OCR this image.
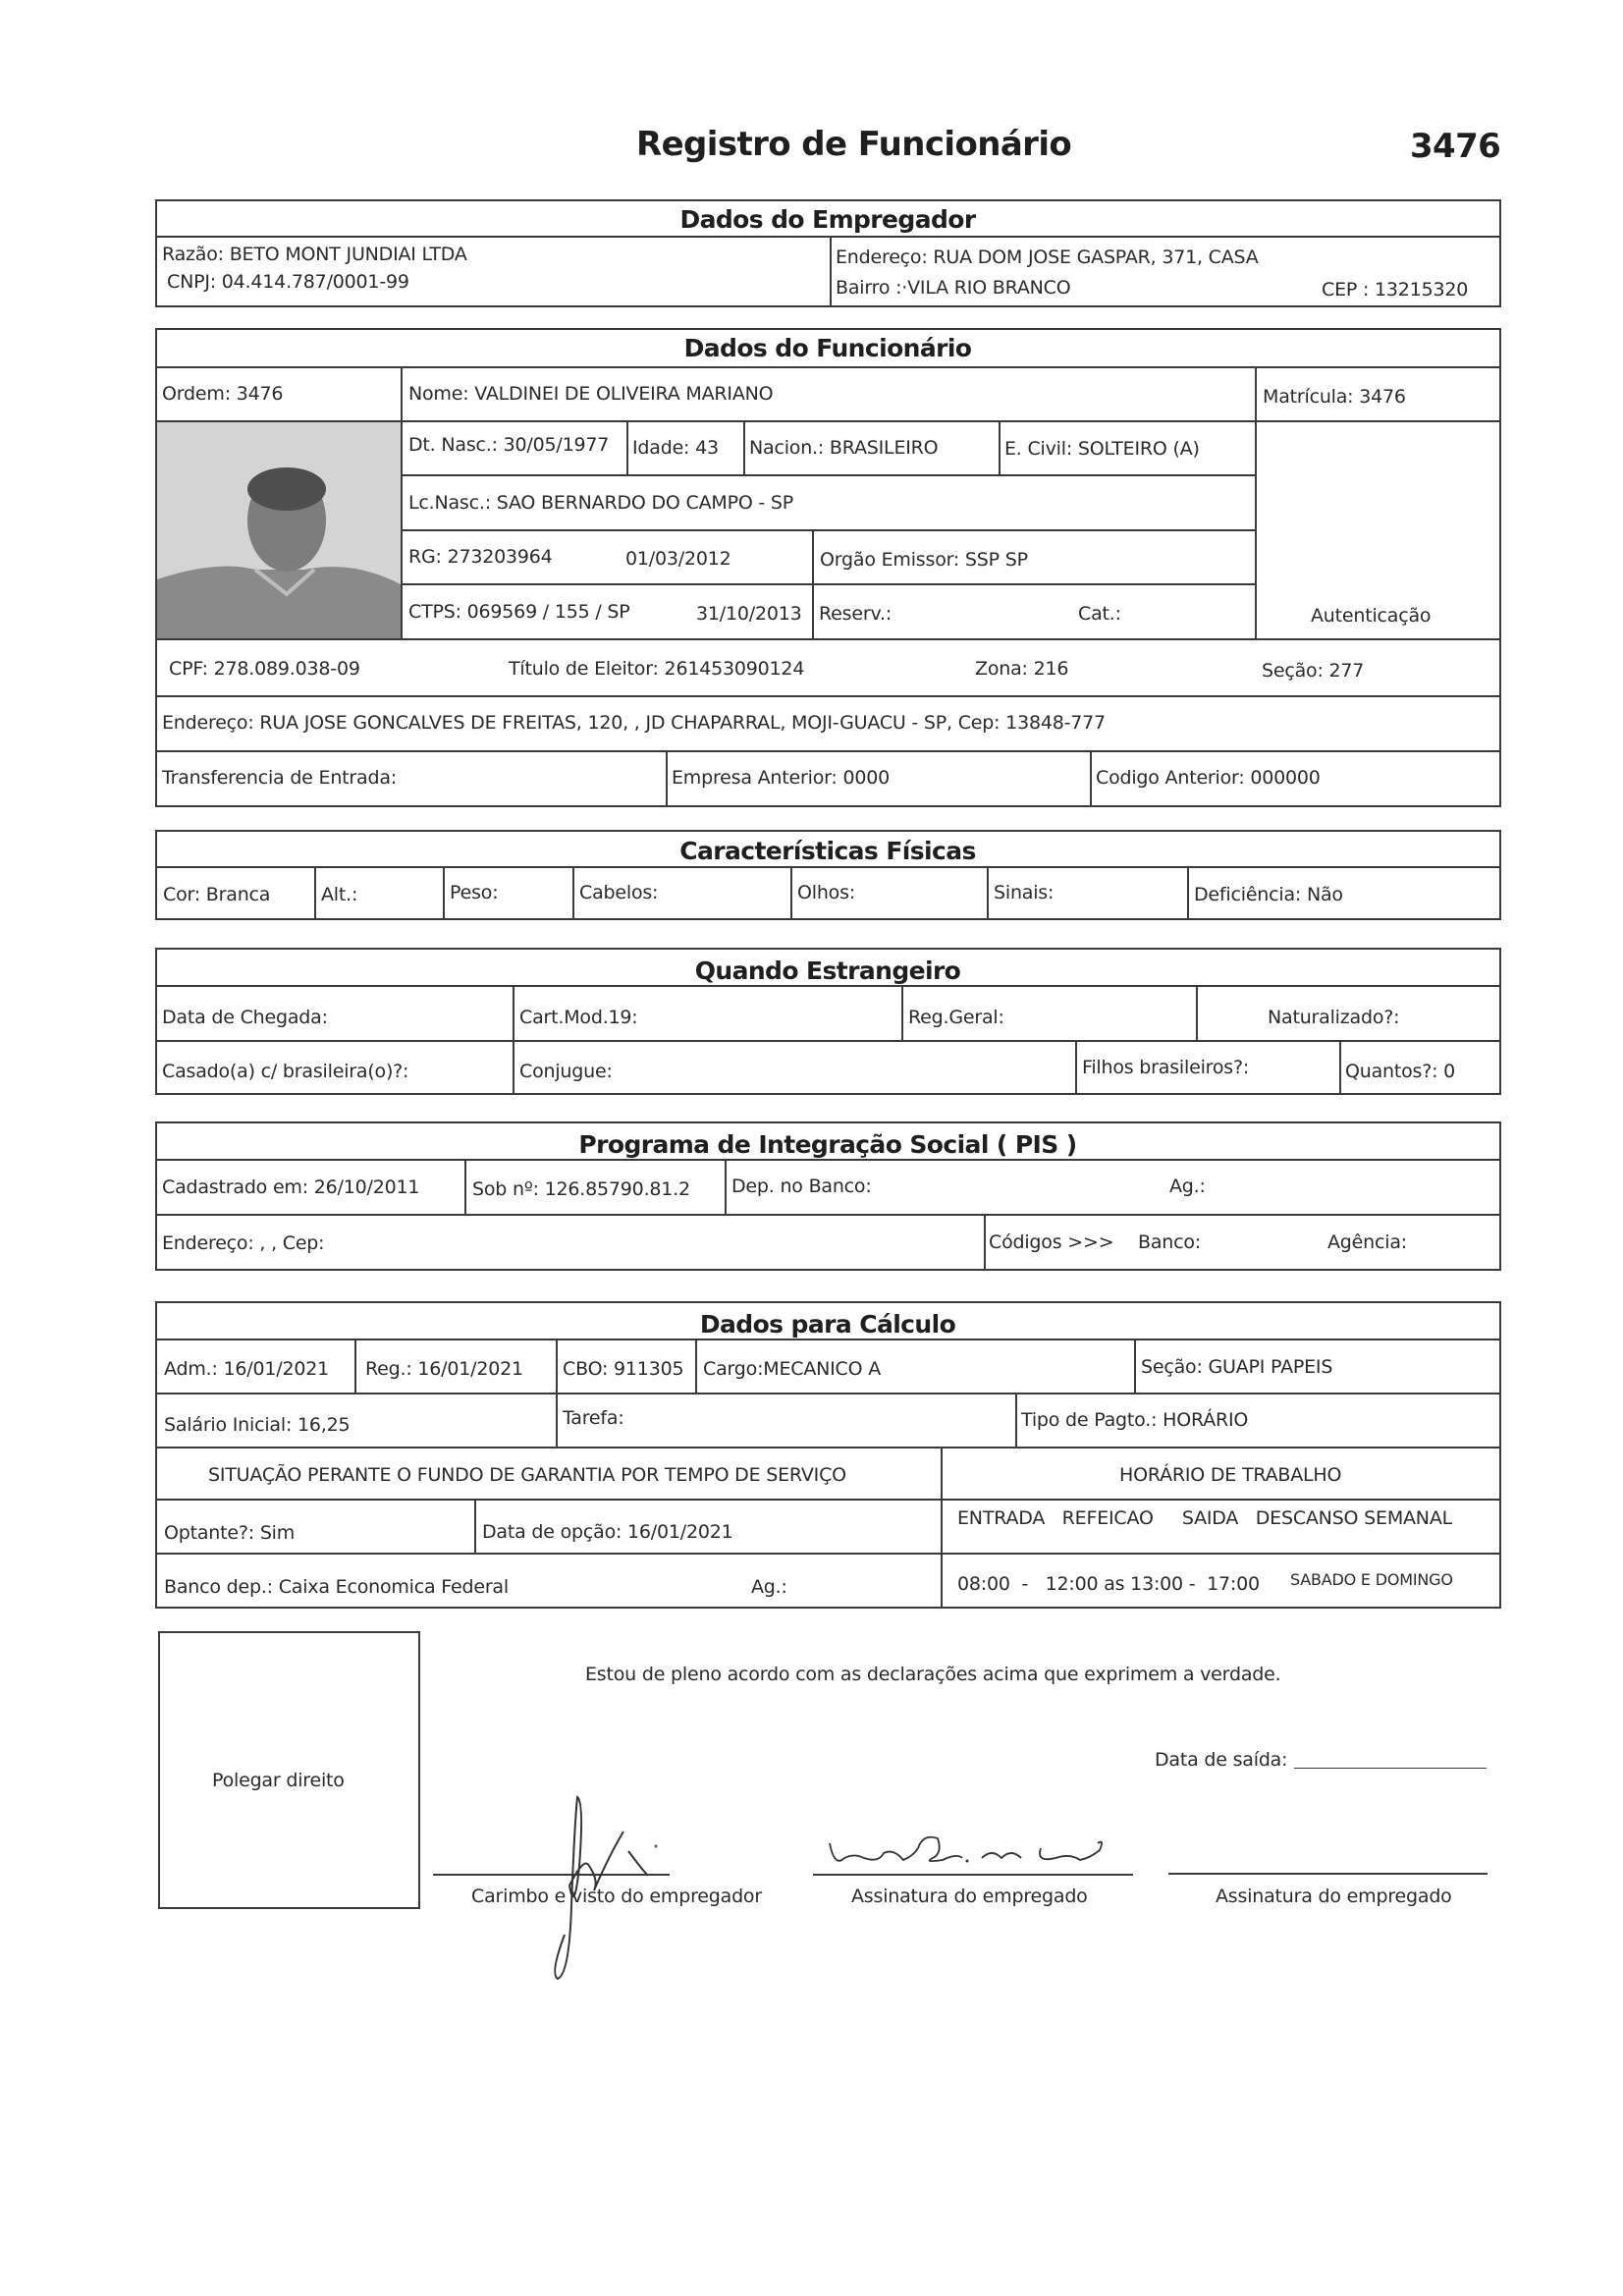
Registro de Funcionário	3476
Dados do Empregador
Razão: BETO MONT JUNDIAI LTDA
CNPJ: 04.414.787/0001-99
Endereço: RUA DOM JOSE GASPAR, 371, CASA
Bairro :·VILA RIO BRANCO	CEP : 13215320
Dados do Funcionário
Ordem: 3476	Nome: VALDINEI DE OLIVEIRA MARIANO	Matrícula: 3476
Dt. Nasc.: 30/05/1977 Idade: 43 Nacion.: BRASILEIRO	E. Civil: SOLTEIRO (A)
Lc.Nasc.: SAO BERNARDO DO CAMPO - SP
RG: 273203964	01/03/2012	Orgão Emissor: SSP SP
CTPS: 069569 / 155 / SP	31/10/2013 Reserv.:	Cat.:	Autenticação
CPF: 278.089.038-09	Título de Eleitor: 261453090124	Zona: 216	Seção: 277
Endereço: RUA JOSE GONCALVES DE FREITAS, 120, , JD CHAPARRAL, MOJI-GUACU - SP, Cep: 13848-777
Transferencia de Entrada:	Empresa Anterior: 0000	Codigo Anterior: 000000
Características Físicas
Cor: Branca	Alt.:	Peso:	Cabelos:	Olhos:	Sinais:	Deficiência: Não
Quando Estrangeiro
Data de Chegada:	Cart.Mod.19:	Reg.Geral:	Naturalizado?:
Casado(a) c/ brasileira(o)?:	Conjugue:	Filhos brasileiros?:	Quantos?: 0
Programa de Integração Social ( PIS )
Cadastrado em: 26/10/2011	Sob nº: 126.85790.81.2 Dep. no Banco:	Ag.:
Endereço: , , Cep:	Códigos >>> Banco:	Agência:
Dados para Cálculo
Adm.: 16/01/2021 Reg.: 16/01/2021 CBO: 911305 Cargo:MECANICO A	Seção: GUAPI PAPEIS
Salário Inicial: 16,25	Tarefa:	Tipo de Pagto.: HORÁRIO
SITUAÇÃO PERANTE O FUNDO DE GARANTIA POR TEMPO DE SERVIÇO	HORÁRIO DE TRABALHO
Optante?: Sim	Data de opção: 16/01/2021
ENTRADA   REFEICAO     SAIDA   DESCANSO SEMANAL
Banco dep.: Caixa Economica Federal	Ag.:	08:00  -   12:00 as 13:00 -  17:00 SABADO E DOMINGO
Polegar direito
Estou de pleno acordo com as declarações acima que exprimem a verdade.
Data de saída:
Carimbo e visto do empregador	Assinatura do empregado	Assinatura do empregado
